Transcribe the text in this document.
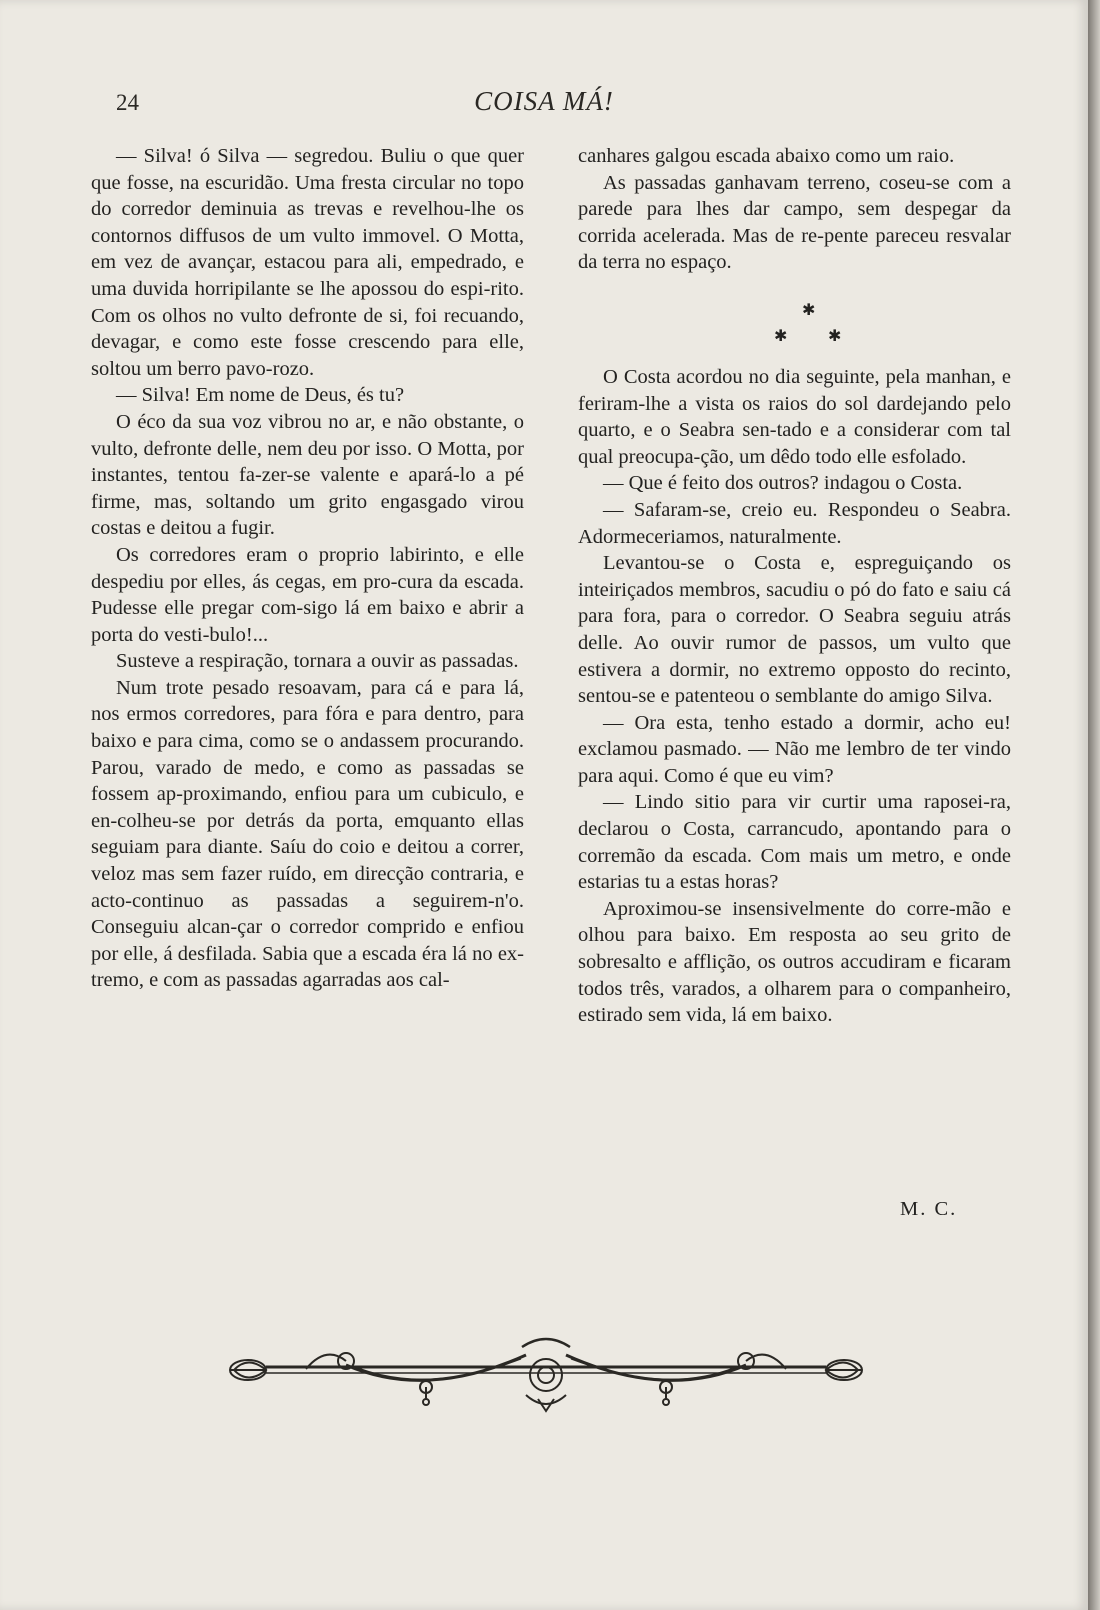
24	COISA MÁ!

— Silva! ó Silva — segredou. Buliu o que quer que fosse, na escuridão. Uma fresta circular no topo do corredor deminuia as trevas e revelhou-lhe os contornos diffusos de um vulto immovel. O Motta, em vez de avançar, estacou para ali, empedrado, e uma duvida horripilante se lhe apossou do espi-rito. Com os olhos no vulto defronte de si, foi recuando, devagar, e como este fosse crescendo para elle, soltou um berro pavo-rozo.

— Silva! Em nome de Deus, és tu?

O éco da sua voz vibrou no ar, e não obstante, o vulto, defronte delle, nem deu por isso. O Motta, por instantes, tentou fa-zer-se valente e apará-lo a pé firme, mas, soltando um grito engasgado virou costas e deitou a fugir.

Os corredores eram o proprio labirinto, e elle despediu por elles, ás cegas, em pro-cura da escada. Pudesse elle pregar com-sigo lá em baixo e abrir a porta do vesti-bulo!...

Susteve a respiração, tornara a ouvir as passadas.

Num trote pesado resoavam, para cá e para lá, nos ermos corredores, para fóra e para dentro, para baixo e para cima, como se o andassem procurando. Parou, varado de medo, e como as passadas se fossem ap-proximando, enfiou para um cubiculo, e en-colheu-se por detrás da porta, emquanto ellas seguiam para diante. Saíu do coio e deitou a correr, veloz mas sem fazer ruído, em direcção contraria, e acto-continuo as passadas a seguirem-n'o. Conseguiu alcan-çar o corredor comprido e enfiou por elle, á desfilada. Sabia que a escada éra lá no ex-tremo, e com as passadas agarradas aos cal-

canhares galgou escada abaixo como um raio.

As passadas ganhavam terreno, coseu-se com a parede para lhes dar campo, sem despegar da corrida acelerada. Mas de re-pente pareceu resvalar da terra no espaço.

✱
✱	✱

O Costa acordou no dia seguinte, pela manhan, e feriram-lhe a vista os raios do sol dardejando pelo quarto, e o Seabra sen-tado e a considerar com tal qual preocupa-ção, um dêdo todo elle esfolado.

— Que é feito dos outros? indagou o Costa.

— Safaram-se, creio eu. Respondeu o Seabra. Adormeceriamos, naturalmente.

Levantou-se o Costa e, espreguiçando os inteiriçados membros, sacudiu o pó do fato e saiu cá para fora, para o corredor. O Seabra seguiu atrás delle. Ao ouvir rumor de passos, um vulto que estivera a dormir, no extremo opposto do recinto, sentou-se e patenteou o semblante do amigo Silva.

— Ora esta, tenho estado a dormir, acho eu! exclamou pasmado. — Não me lembro de ter vindo para aqui. Como é que eu vim?

— Lindo sitio para vir curtir uma raposei-ra, declarou o Costa, carrancudo, apontando para o corremão da escada. Com mais um metro, e onde estarias tu a estas horas?

Aproximou-se insensivelmente do corre-mão e olhou para baixo. Em resposta ao seu grito de sobresalto e afflição, os outros accudiram e ficaram todos três, varados, a olharem para o companheiro, estirado sem vida, lá em baixo.

M. C.
